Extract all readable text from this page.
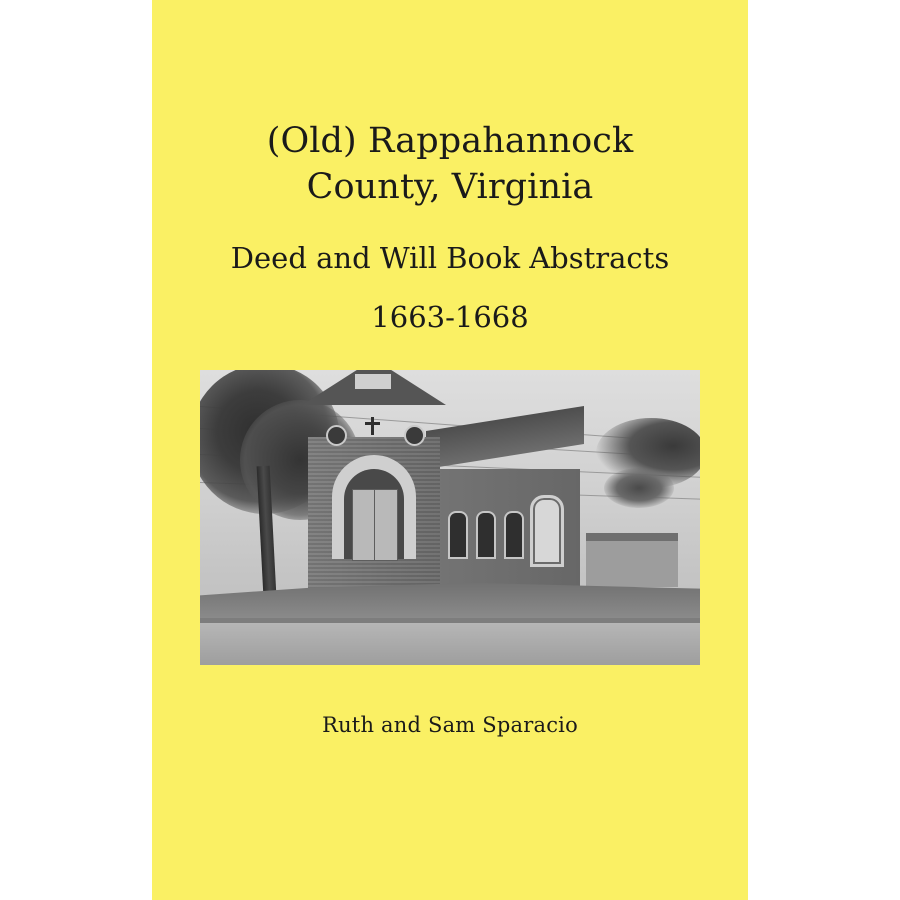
(Old) Rappahannock
County, Virginia
Deed and Will Book Abstracts
1663-1668
Ruth and Sam Sparacio
